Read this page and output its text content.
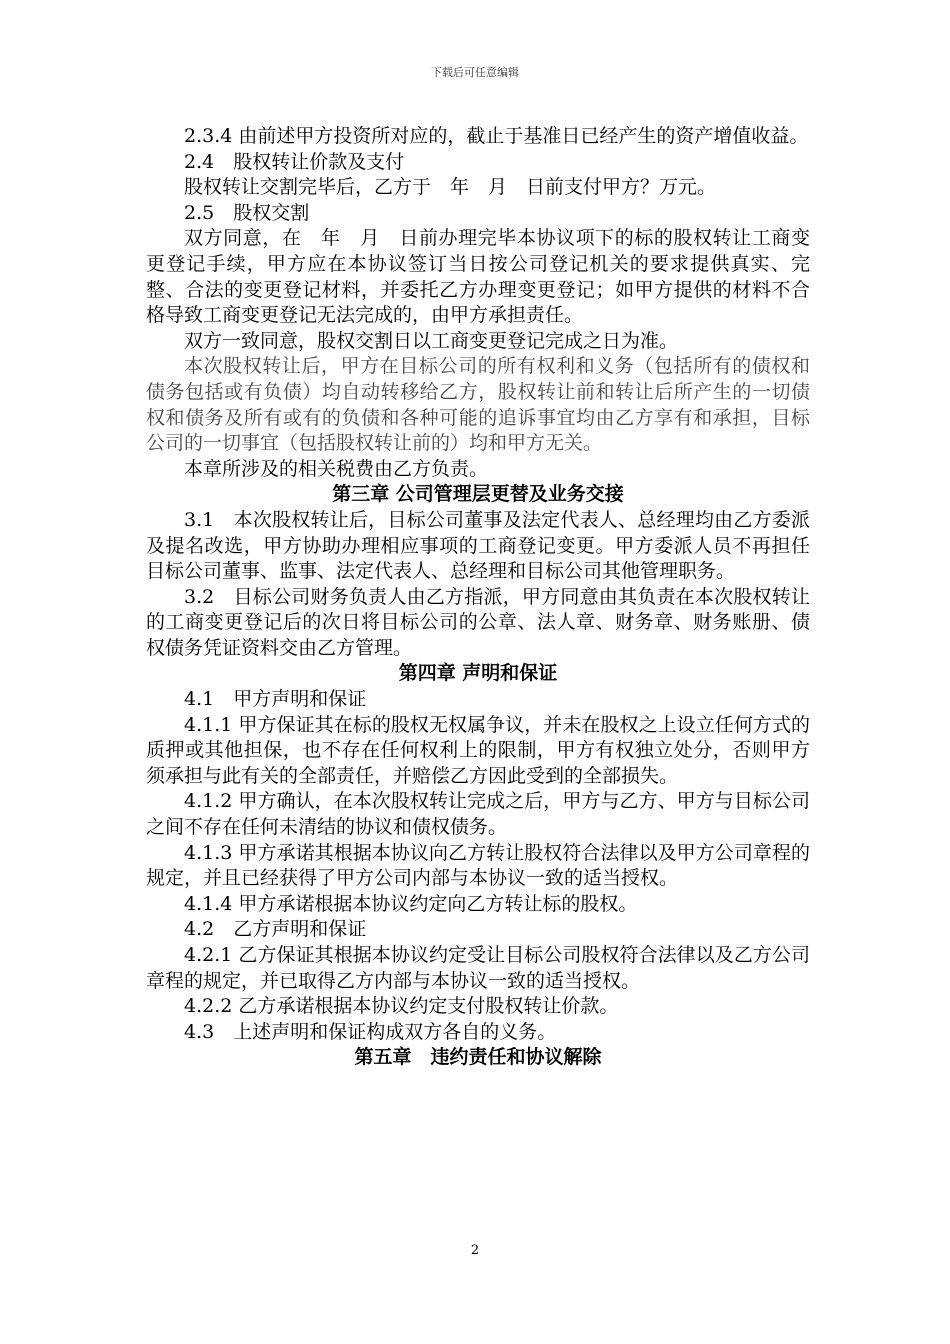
下载后可任意编辑

2.3.4 由前述甲方投资所对应的，截止于基准日已经产生的资产增值收益。

2.4　股权转让价款及支付

股权转让交割完毕后，乙方于　年　月　日前支付甲方？万元。

2.5　股权交割

双方同意，在　年　月　日前办理完毕本协议项下的标的股权转让工商变更登记手续，甲方应在本协议签订当日按公司登记机关的要求提供真实、完整、合法的变更登记材料，并委托乙方办理变更登记；如甲方提供的材料不合格导致工商变更登记无法完成的，由甲方承担责任。

双方一致同意，股权交割日以工商变更登记完成之日为准。

本次股权转让后，甲方在目标公司的所有权利和义务（包括所有的债权和债务包括或有负债）均自动转移给乙方，股权转让前和转让后所产生的一切债权和债务及所有或有的负债和各种可能的追诉事宜均由乙方享有和承担，目标公司的一切事宜（包括股权转让前的）均和甲方无关。

本章所涉及的相关税费由乙方负责。

第三章 公司管理层更替及业务交接

3.1　本次股权转让后，目标公司董事及法定代表人、总经理均由乙方委派及提名改选，甲方协助办理相应事项的工商登记变更。甲方委派人员不再担任目标公司董事、监事、法定代表人、总经理和目标公司其他管理职务。

3.2　目标公司财务负责人由乙方指派，甲方同意由其负责在本次股权转让的工商变更登记后的次日将目标公司的公章、法人章、财务章、财务账册、债权债务凭证资料交由乙方管理。

第四章 声明和保证

4.1　甲方声明和保证

4.1.1 甲方保证其在标的股权无权属争议，并未在股权之上设立任何方式的质押或其他担保，也不存在任何权利上的限制，甲方有权独立处分，否则甲方须承担与此有关的全部责任，并赔偿乙方因此受到的全部损失。

4.1.2 甲方确认，在本次股权转让完成之后，甲方与乙方、甲方与目标公司之间不存在任何未清结的协议和债权债务。

4.1.3 甲方承诺其根据本协议向乙方转让股权符合法律以及甲方公司章程的规定，并且已经获得了甲方公司内部与本协议一致的适当授权。

4.1.4 甲方承诺根据本协议约定向乙方转让标的股权。

4.2　乙方声明和保证

4.2.1 乙方保证其根据本协议约定受让目标公司股权符合法律以及乙方公司章程的规定，并已取得乙方内部与本协议一致的适当授权。

4.2.2 乙方承诺根据本协议约定支付股权转让价款。

4.3　上述声明和保证构成双方各自的义务。

第五章　违约责任和协议解除

2
